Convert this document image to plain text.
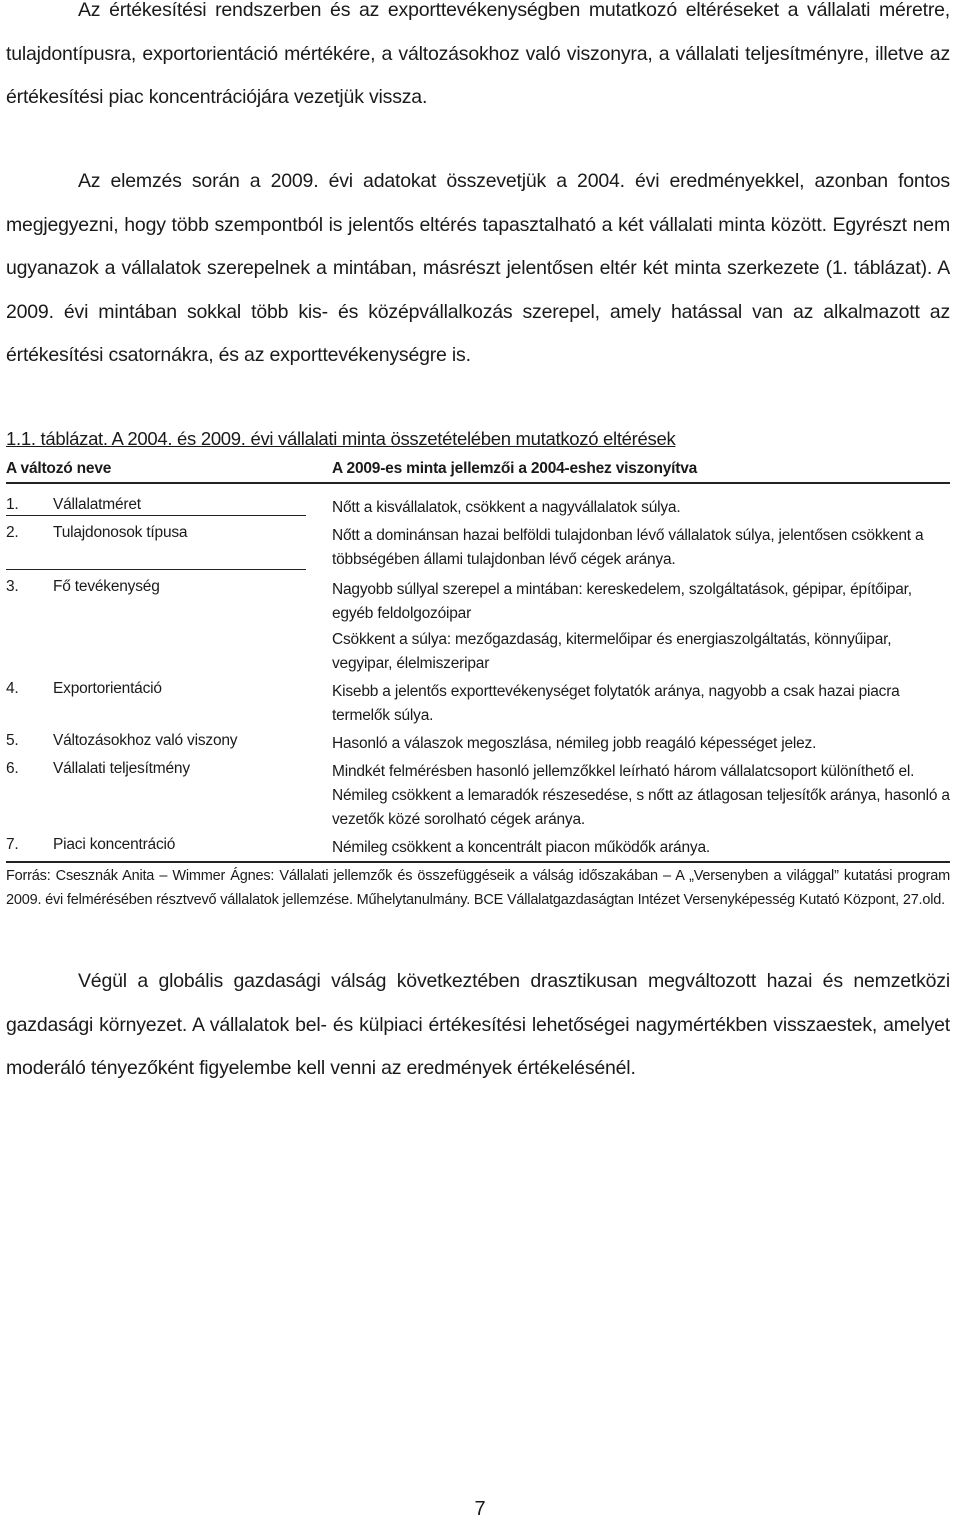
Az értékesítési rendszerben és az exporttevékenységben mutatkozó eltéréseket a vállalati méretre, tulajdontípusra, exportorientáció mértékére, a változásokhoz való viszonyra, a vállalati teljesítményre, illetve az értékesítési piac koncentrációjára vezetjük vissza.
Az elemzés során a 2009. évi adatokat összevetjük a 2004. évi eredményekkel, azonban fontos megjegyezni, hogy több szempontból is jelentős eltérés tapasztalható a két vállalati minta között. Egyrészt nem ugyanazok a vállalatok szerepelnek a mintában, másrészt jelentősen eltér két minta szerkezete (1. táblázat). A 2009. évi mintában sokkal több kis- és középvállalkozás szerepel, amely hatással van az alkalmazott az értékesítési csatornákra, és az exporttevékenységre is.
1.1. táblázat. A 2004. és 2009. évi vállalati minta összetételében mutatkozó eltérések
A változó neve	A 2009-es minta jellemzői a 2004-eshez viszonyítva
1.	Vállalatméret	Nőtt a kisvállalatok, csökkent a nagyvállalatok súlya.
2.	Tulajdonosok típusa	Nőtt a dominánsan hazai belföldi tulajdonban lévő vállalatok súlya, jelentősen csökkent a többségében állami tulajdonban lévő cégek aránya.
3.	Fő tevékenység	Nagyobb súllyal szerepel a mintában: kereskedelem, szolgáltatások, gépipar, építőipar, egyéb feldolgozóipar

Csökkent a súlya: mezőgazdaság, kitermelőipar és energiaszolgáltatás, könnyűipar, vegyipar, élelmiszeripar

4.	Exportorientáció	Kisebb a jelentős exporttevékenységet folytatók aránya, nagyobb a csak hazai piacra termelők súlya.
5.	Változásokhoz való viszony	Hasonló a válaszok megoszlása, némileg jobb reagáló képességet jelez.
6.	Vállalati teljesítmény	Mindkét felmérésben hasonló jellemzőkkel leírható három vállalatcsoport különíthető el. Némileg csökkent a lemaradók részesedése, s nőtt az átlagosan teljesítők aránya, hasonló a vezetők közé sorolható cégek aránya.
7.	Piaci koncentráció	Némileg csökkent a koncentrált piacon működők aránya.
Forrás: Csesznák Anita – Wimmer Ágnes: Vállalati jellemzők és összefüggéseik a válság időszakában – A „Versenyben a világgal” kutatási program 2009. évi felmérésében résztvevő vállalatok jellemzése. Műhelytanulmány. BCE Vállalatgazdaságtan Intézet Versenyképesség Kutató Központ, 27.old.
Végül a globális gazdasági válság következtében drasztikusan megváltozott hazai és nemzetközi gazdasági környezet. A vállalatok bel- és külpiaci értékesítési lehetőségei nagymértékben visszaestek, amelyet moderáló tényezőként figyelembe kell venni az eredmények értékelésénél.
7
